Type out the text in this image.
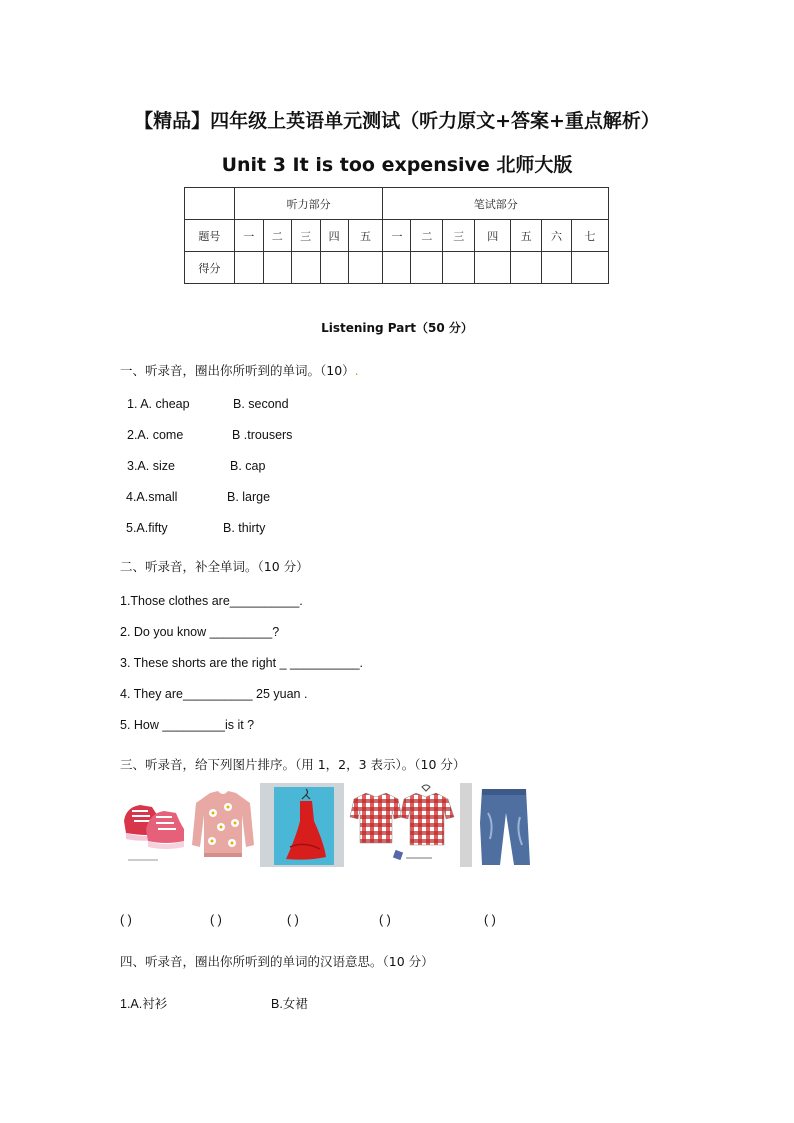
【精品】四年级上英语单元测试（听力原文+答案+重点解析）
Unit 3 It is too expensive 北师大版
	听力部分					笔试部分						
题号	一	二	三	四	五	一	二	三	四	五	六	七
得分												
Listening Part（50 分）
一、听录音，圈出你所听到的单词。（10）.
1. A. cheap	B. second
2.A. come	B .trousers
3.A. size	B. cap
4.A.small	B. large
5.A.fifty	B. thirty
二、听录音，补全单词。（10 分）
1.Those clothes are__________.
2. Do you know _________?
3. These shorts are the right _ __________.
4. They are__________ 25 yuan .
5. How _________is it ?
三、听录音，给下列图片排序。（用 1，2，3 表示）。（10 分）
( )	( )	( )	( )	( )
四、听录音，圈出你所听到的单词的汉语意思。（10 分）
1.A.衬衫	B.女裙
